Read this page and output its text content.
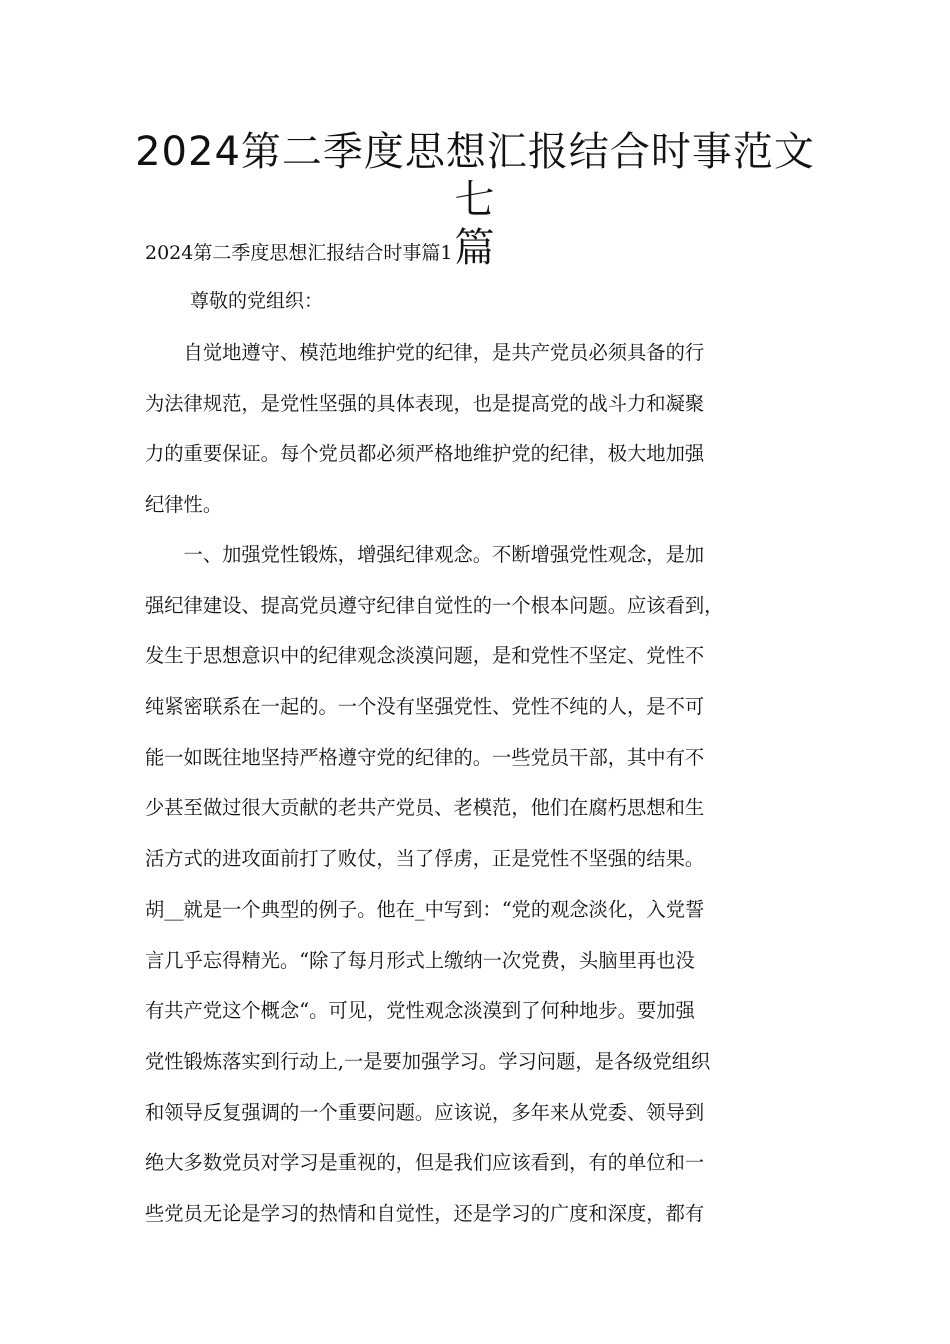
2024第二季度思想汇报结合时事范文七
篇

2024第二季度思想汇报结合时事篇1

尊敬的党组织：

　　自觉地遵守、模范地维护党的纪律，是共产党员必须具备的行
为法律规范，是党性坚强的具体表现，也是提高党的战斗力和凝聚
力的重要保证。每个党员都必须严格地维护党的纪律，极大地加强
纪律性。
　　一、加强党性锻炼，增强纪律观念。不断增强党性观念，是加
强纪律建设、提高党员遵守纪律自觉性的一个根本问题。应该看到，
发生于思想意识中的纪律观念淡漠问题，是和党性不坚定、党性不
纯紧密联系在一起的。一个没有坚强党性、党性不纯的人，是不可
能一如既往地坚持严格遵守党的纪律的。一些党员干部，其中有不
少甚至做过很大贡献的老共产党员、老模范，他们在腐朽思想和生
活方式的进攻面前打了败仗，当了俘虏，正是党性不坚强的结果。
胡__就是一个典型的例子。他在_中写到：“党的观念淡化，入党誓
言几乎忘得精光。“除了每月形式上缴纳一次党费，头脑里再也没
有共产党这个概念“。可见，党性观念淡漠到了何种地步。要加强
党性锻炼落实到行动上,一是要加强学习。学习问题，是各级党组织
和领导反复强调的一个重要问题。应该说，多年来从党委、领导到
绝大多数党员对学习是重视的，但是我们应该看到，有的单位和一
些党员无论是学习的热情和自觉性，还是学习的广度和深度，都有
